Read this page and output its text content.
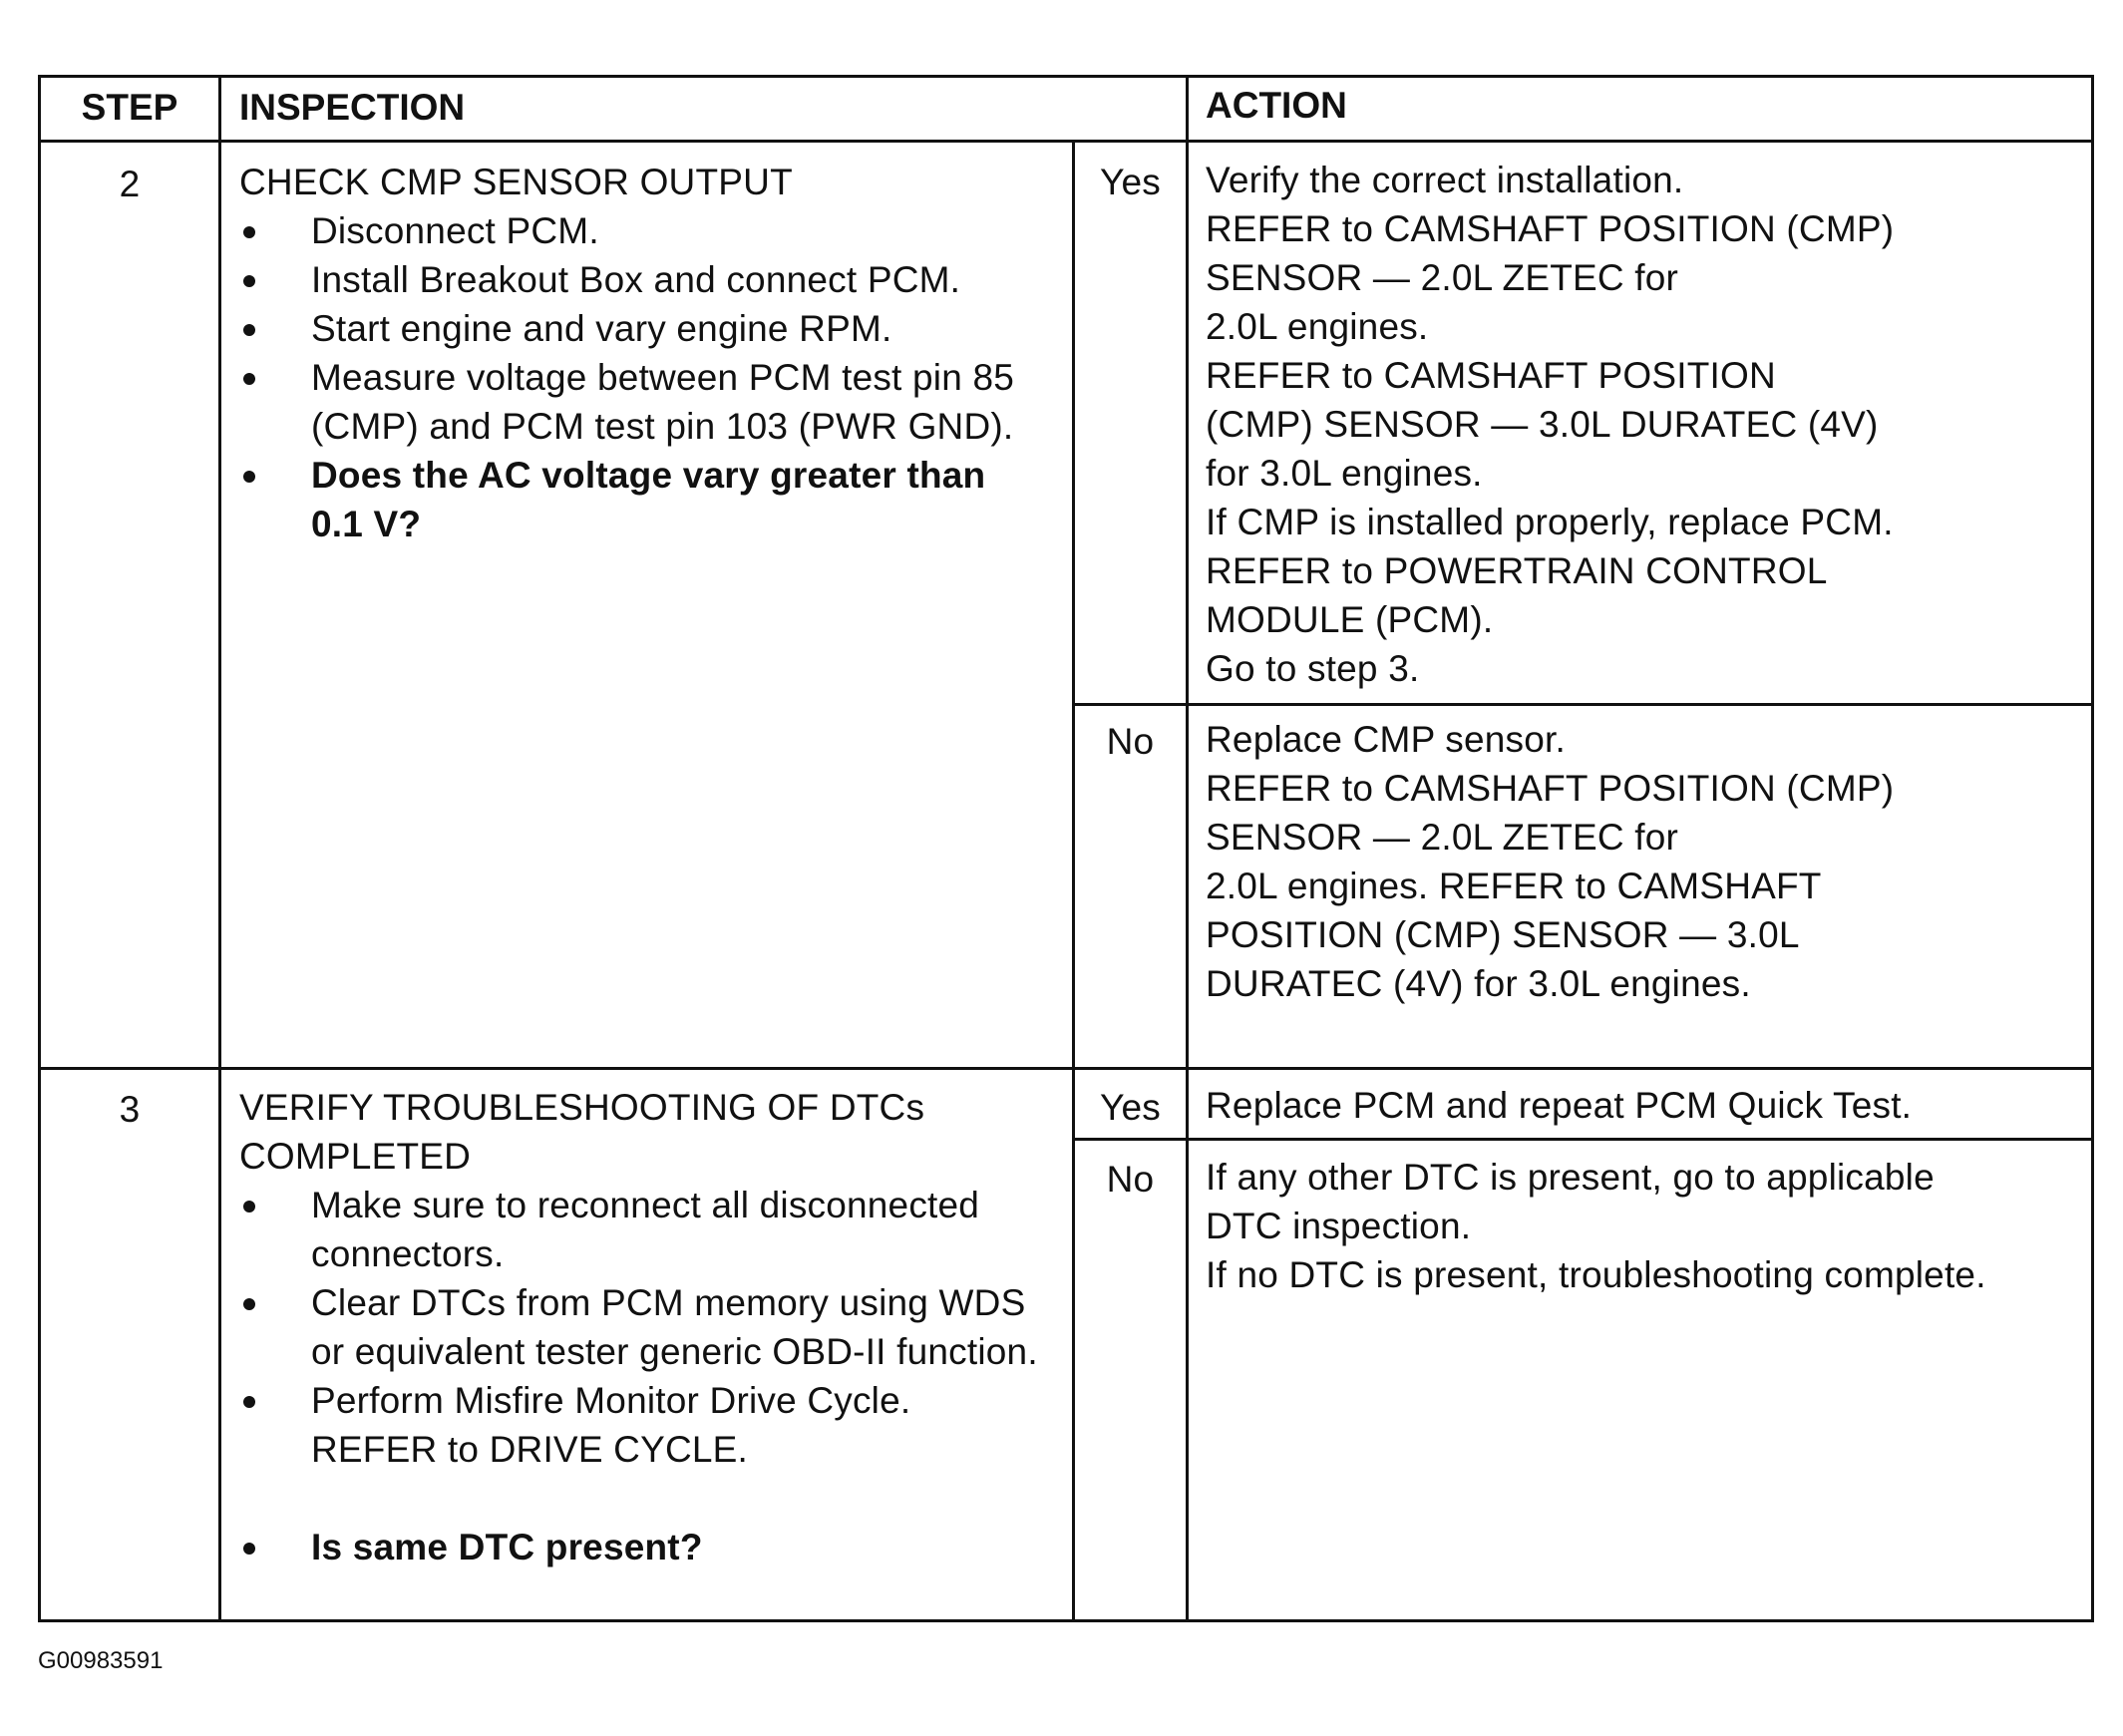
STEP	INSPECTION	ACTION
2	CHECK CMP SENSOR OUTPUT
Disconnect PCM.
Install Breakout Box and connect PCM.
Start engine and vary engine RPM.
Measure voltage between PCM test pin 85 (CMP) and PCM test pin 103 (PWR GND).
Does the AC voltage vary greater than 0.1 V?
Yes	Verify the correct installation.
REFER to CAMSHAFT POSITION (CMP)
SENSOR — 2.0L ZETEC for
2.0L engines.
REFER to CAMSHAFT POSITION
(CMP) SENSOR — 3.0L DURATEC (4V)
for 3.0L engines.
If CMP is installed properly, replace PCM.
REFER to POWERTRAIN CONTROL
MODULE (PCM).
Go to step 3.
No	Replace CMP sensor.
REFER to CAMSHAFT POSITION (CMP)
SENSOR — 2.0L ZETEC for
2.0L engines. REFER to CAMSHAFT
POSITION (CMP) SENSOR — 3.0L
DURATEC (4V) for 3.0L engines.
3	VERIFY TROUBLESHOOTING OF DTCs COMPLETED
Make sure to reconnect all disconnected connectors.
Clear DTCs from PCM memory using WDS or equivalent tester generic OBD-II function.
Perform Misfire Monitor Drive Cycle. REFER to DRIVE CYCLE.
Is same DTC present?
Yes	Replace PCM and repeat PCM Quick Test.
No	If any other DTC is present, go to applicable
DTC inspection.
If no DTC is present, troubleshooting complete.
G00983591
